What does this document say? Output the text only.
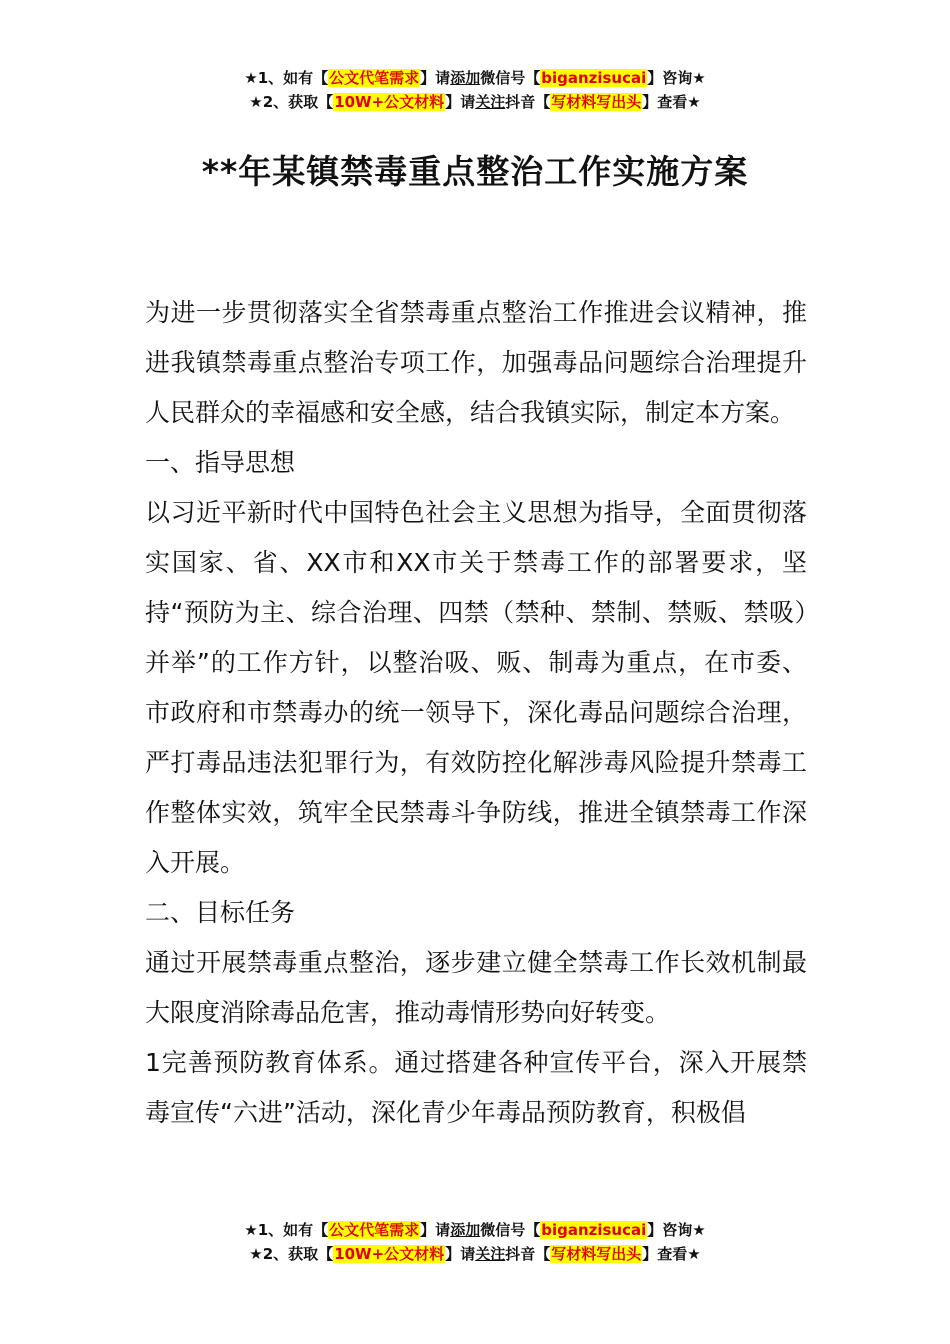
★1、如有【公文代笔需求】请添加微信号【biganzisucai】咨询★
★2、获取【10W+公文材料】请关注抖音【写材料写出头】查看★
**年某镇禁毒重点整治工作实施方案

为进一步贯彻落实全省禁毒重点整治工作推进会议精神，推进我镇禁毒重点整治专项工作，加强毒品问题综合治理提升人民群众的幸福感和安全感，结合我镇实际，制定本方案。

一、指导思想

以习近平新时代中国特色社会主义思想为指导，全面贯彻落实国家、省、XX市和XX市关于禁毒工作的部署要求，坚持“预防为主、综合治理、四禁（禁种、禁制、禁贩、禁吸）并举”的工作方针，以整治吸、贩、制毒为重点，在市委、市政府和市禁毒办的统一领导下，深化毒品问题综合治理，严打毒品违法犯罪行为，有效防控化解涉毒风险提升禁毒工作整体实效，筑牢全民禁毒斗争防线，推进全镇禁毒工作深入开展。

二、目标任务

通过开展禁毒重点整治，逐步建立健全禁毒工作长效机制最大限度消除毒品危害，推动毒情形势向好转变。

1完善预防教育体系。通过搭建各种宣传平台，深入开展禁毒宣传“六进”活动，深化青少年毒品预防教育，积极倡

★1、如有【公文代笔需求】请添加微信号【biganzisucai】咨询★
★2、获取【10W+公文材料】请关注抖音【写材料写出头】查看★
